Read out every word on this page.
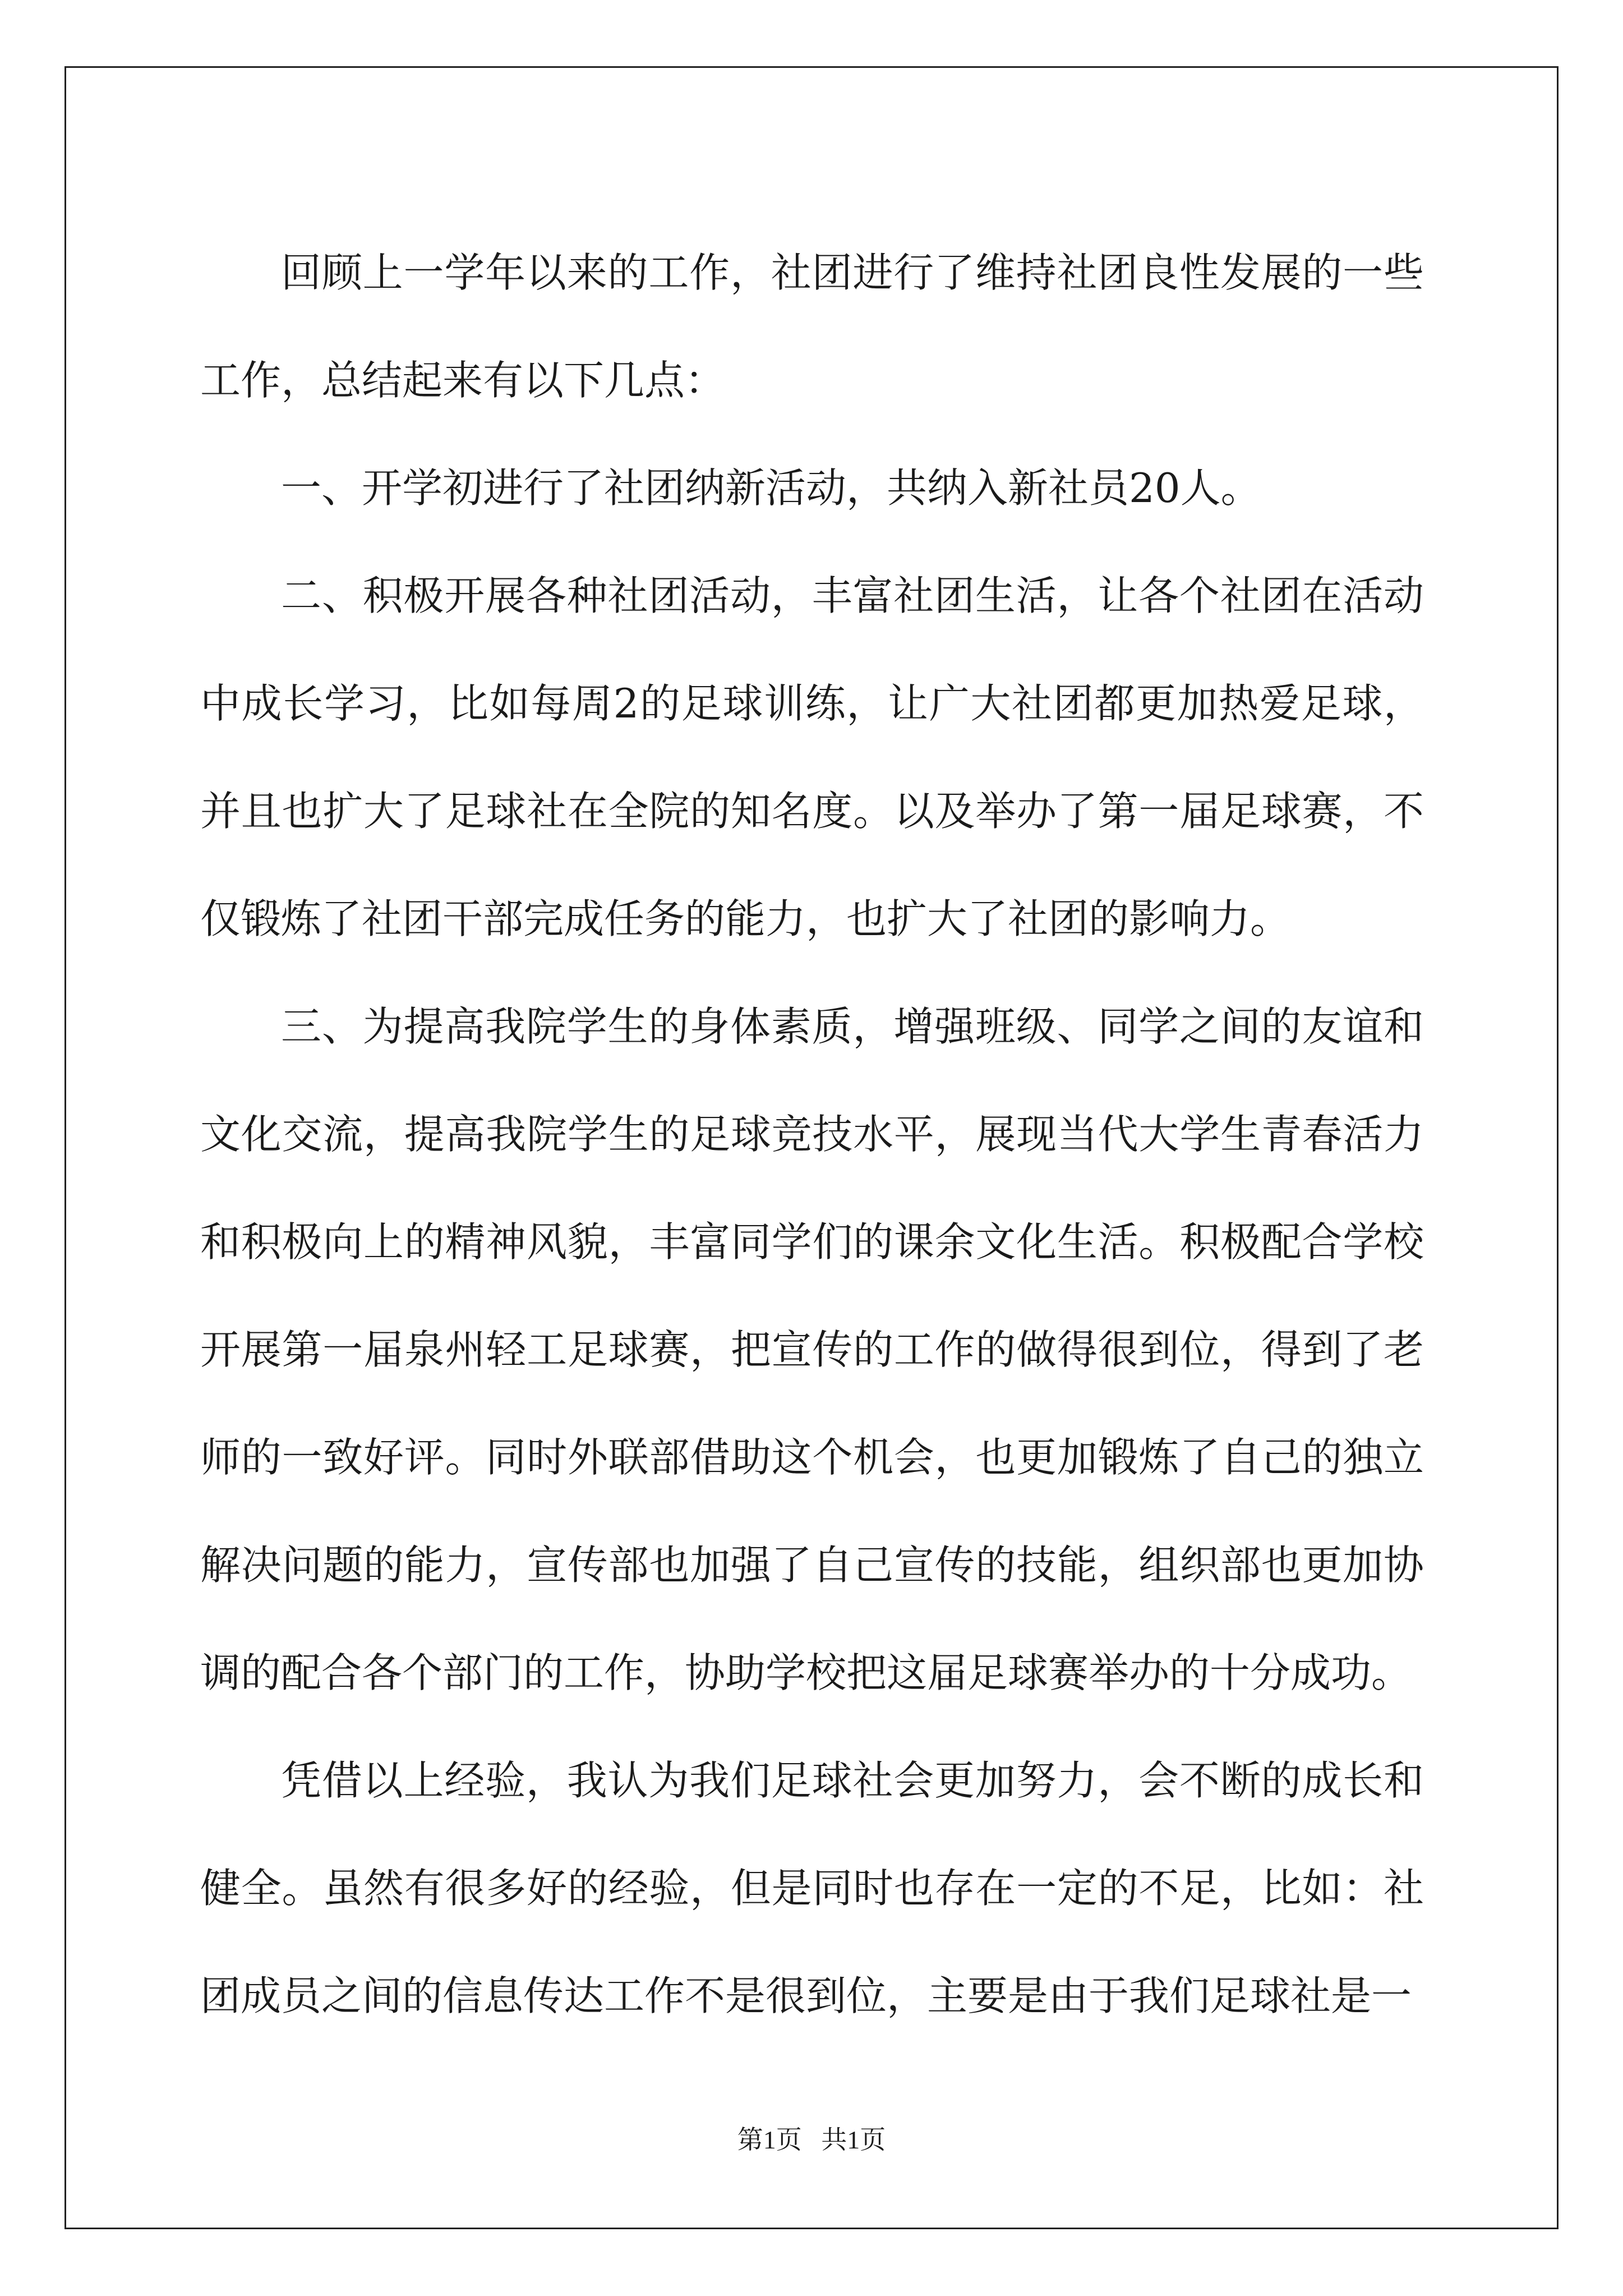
回顾上一学年以来的工作，社团进行了维持社团良性发展的一些工作，总结起来有以下几点：

一、开学初进行了社团纳新活动，共纳入新社员20人。

二、积极开展各种社团活动，丰富社团生活，让各个社团在活动中成长学习，比如每周2的足球训练，让广大社团都更加热爱足球，并且也扩大了足球社在全院的知名度。以及举办了第一届足球赛，不仅锻炼了社团干部完成任务的能力，也扩大了社团的影响力。

三、为提高我院学生的身体素质，增强班级、同学之间的友谊和文化交流，提高我院学生的足球竞技水平，展现当代大学生青春活力和积极向上的精神风貌，丰富同学们的课余文化生活。积极配合学校开展第一届泉州轻工足球赛，把宣传的工作的做得很到位，得到了老师的一致好评。同时外联部借助这个机会，也更加锻炼了自己的独立解决问题的能力，宣传部也加强了自己宣传的技能，组织部也更加协调的配合各个部门的工作，协助学校把这届足球赛举办的十分成功。

凭借以上经验，我认为我们足球社会更加努力，会不断的成长和健全。虽然有很多好的经验，但是同时也存在一定的不足，比如：社团成员之间的信息传达工作不是很到位，主要是由于我们足球社是一

第1页   共1页
